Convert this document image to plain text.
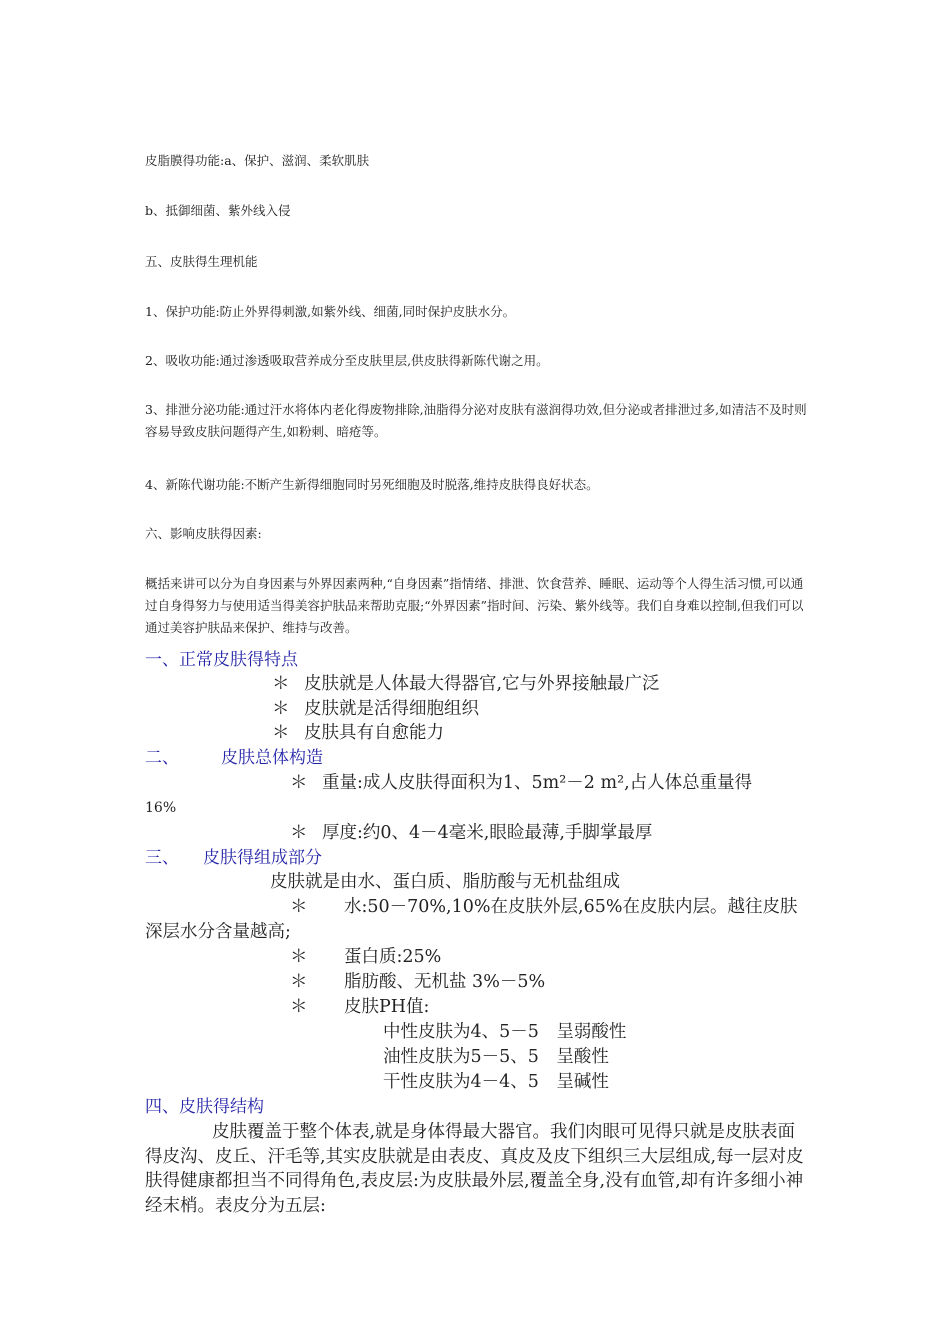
皮脂膜得功能:a、保护、滋润、柔软肌肤
b、抵御细菌、紫外线入侵
五、皮肤得生理机能
1、保护功能:防止外界得刺激,如紫外线、细菌,同时保护皮肤水分。
2、吸收功能:通过渗透吸取营养成分至皮肤里层,供皮肤得新陈代谢之用。
3、排泄分泌功能:通过汗水将体内老化得废物排除,油脂得分泌对皮肤有滋润得功效,但分泌或者排泄过多,如清洁不及时则容易导致皮肤问题得产生,如粉刺、暗疮等。
4、新陈代谢功能:不断产生新得细胞同时另死细胞及时脱落,维持皮肤得良好状态。
六、影响皮肤得因素:
概括来讲可以分为自身因素与外界因素两种,“自身因素”指情绪、排泄、饮食营养、睡眠、运动等个人得生活习惯,可以通过自身得努力与使用适当得美容护肤品来帮助克服;“外界因素”指时间、污染、紫外线等。我们自身难以控制,但我们可以通过美容护肤品来保护、维持与改善。
一、正常皮肤得特点
＊ 皮肤就是人体最大得器官,它与外界接触最广泛
＊ 皮肤就是活得细胞组织
＊ 皮肤具有自愈能力
二、 皮肤总体构造
＊ 重量:成人皮肤得面积为1、5m²－2 m²,占人体总重量得
16%
＊ 厚度:约0、4－4毫米,眼睑最薄,手脚掌最厚
三、 皮肤得组成部分
皮肤就是由水、蛋白质、脂肪酸与无机盐组成
＊ 水:50－70%,10%在皮肤外层,65%在皮肤内层。越往皮肤
深层水分含量越高;
＊ 蛋白质:25%
＊ 脂肪酸、无机盐 3%－5%
＊ 皮肤PH值:
中性皮肤为4、5－5　呈弱酸性
油性皮肤为5－5、5　呈酸性
干性皮肤为4－4、5　呈碱性
四、皮肤得结构
皮肤覆盖于整个体表,就是身体得最大器官。我们肉眼可见得只就是皮肤表面得皮沟、皮丘、汗毛等,其实皮肤就是由表皮、真皮及皮下组织三大层组成,每一层对皮肤得健康都担当不同得角色,表皮层:为皮肤最外层,覆盖全身,没有血管,却有许多细小神经末梢。表皮分为五层:
